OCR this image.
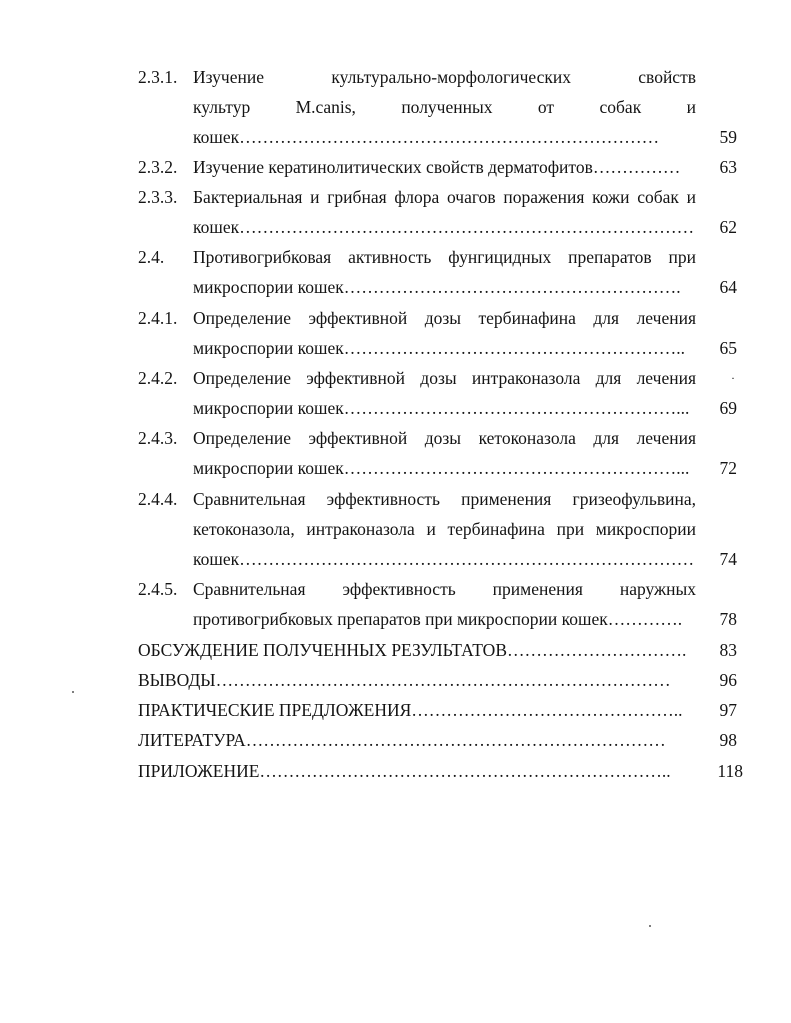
2.3.1. Изучение культурально-морфологических свойств
культур M.canis, полученных от собак и
кошек………………………………………………………………	59
2.3.2. Изучение кератинолитических свойств дерматофитов……………	63
2.3.3. Бактериальная и грибная флора очагов поражения кожи собак и
кошек……………………………………………………………………	62
2.4. Противогрибковая активность фунгицидных препаратов при
микроспории кошек………………………………………………….	64
2.4.1. Определение эффективной дозы тербинафина для лечения
микроспории кошек…………………………………………………..	65
2.4.2. Определение эффективной дозы интраконазола для лечения	·
микроспории кошек…………………………………………………...	69
2.4.3. Определение эффективной дозы кетоконазола для лечения
микроспории кошек…………………………………………………...	72
2.4.4. Сравнительная эффективность применения гризеофульвина,
кетоконазола, интраконазола и тербинафина при микроспории
кошек……………………………………………………………………	74
2.4.5. Сравнительная эффективность применения наружных
противогрибковых препаратов при микроспории кошек………….	78
ОБСУЖДЕНИЕ ПОЛУЧЕННЫХ РЕЗУЛЬТАТОВ………………………….	83
ВЫВОДЫ……………………………………………………………………	96
ПРАКТИЧЕСКИЕ ПРЕДЛОЖЕНИЯ………………………………………..	97
ЛИТЕРАТУРА………………………………………………………………	98
ПРИЛОЖЕНИЕ……………………………………………………………..	118
